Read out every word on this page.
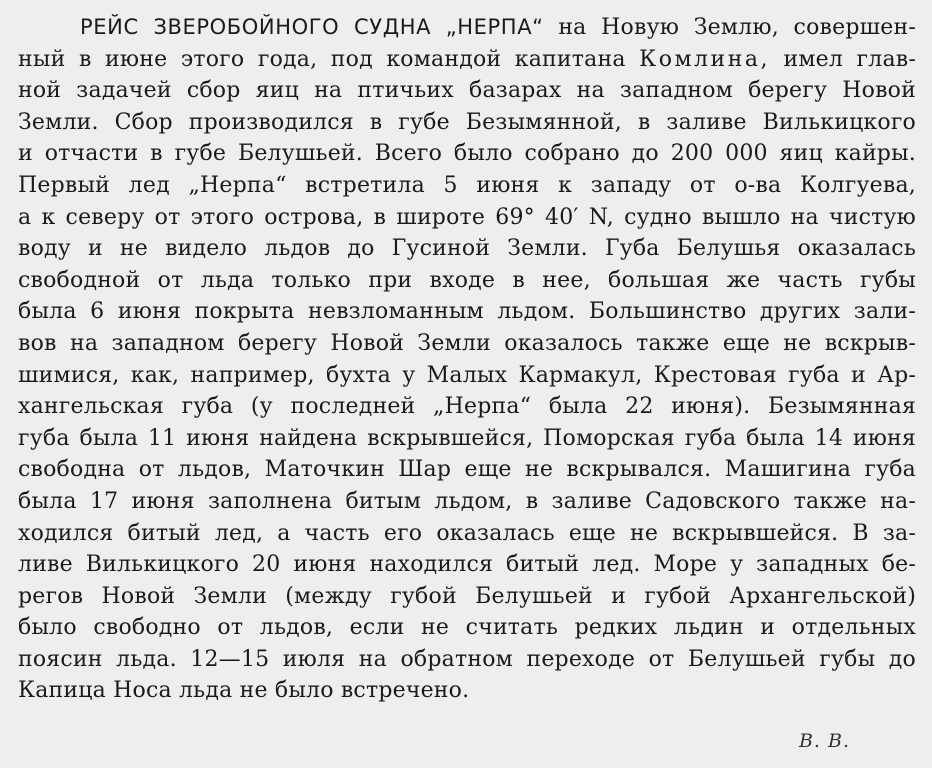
РЕЙС ЗВЕРОБОЙНОГО СУДНА „НЕРПА“ на Новую Землю, совершен-
ный в июне этого года, под командой капитана Комлина, имел глав-
ной задачей сбор яиц на птичьих базарах на западном берегу Новой
Земли. Сбор производился в губе Безымянной, в заливе Вилькицкого
и отчасти в губе Белушьей. Всего было собрано до 200 000 яиц кайры.
Первый лед „Нерпа“ встретила 5 июня к западу от о-ва Колгуева,
а к северу от этого острова, в широте 69° 40′ N, судно вышло на чистую
воду и не видело льдов до Гусиной Земли. Губа Белушья оказалась
свободной от льда только при входе в нее, большая же часть губы
была 6 июня покрыта невзломанным льдом. Большинство других зали-
вов на западном берегу Новой Земли оказалось также еще не вскрыв-
шимися, как, например, бухта у Малых Кармакул, Крестовая губа и Ар-
хангельская губа (у последней „Нерпа“ была 22 июня). Безымянная
губа была 11 июня найдена вскрывшейся, Поморская губа была 14 июня
свободна от льдов, Маточкин Шар еще не вскрывался. Машигина губа
была 17 июня заполнена битым льдом, в заливе Садовского также на-
ходился битый лед, а часть его оказалась еще не вскрывшейся. В за-
ливе Вилькицкого 20 июня находился битый лед. Море у западных бе-
регов Новой Земли (между губой Белушьей и губой Архангельской)
было свободно от льдов, если не считать редких льдин и отдельных
поясин льда. 12—15 июля на обратном переходе от Белушьей губы до
Капица Носа льда не было встречено.
В. В.
